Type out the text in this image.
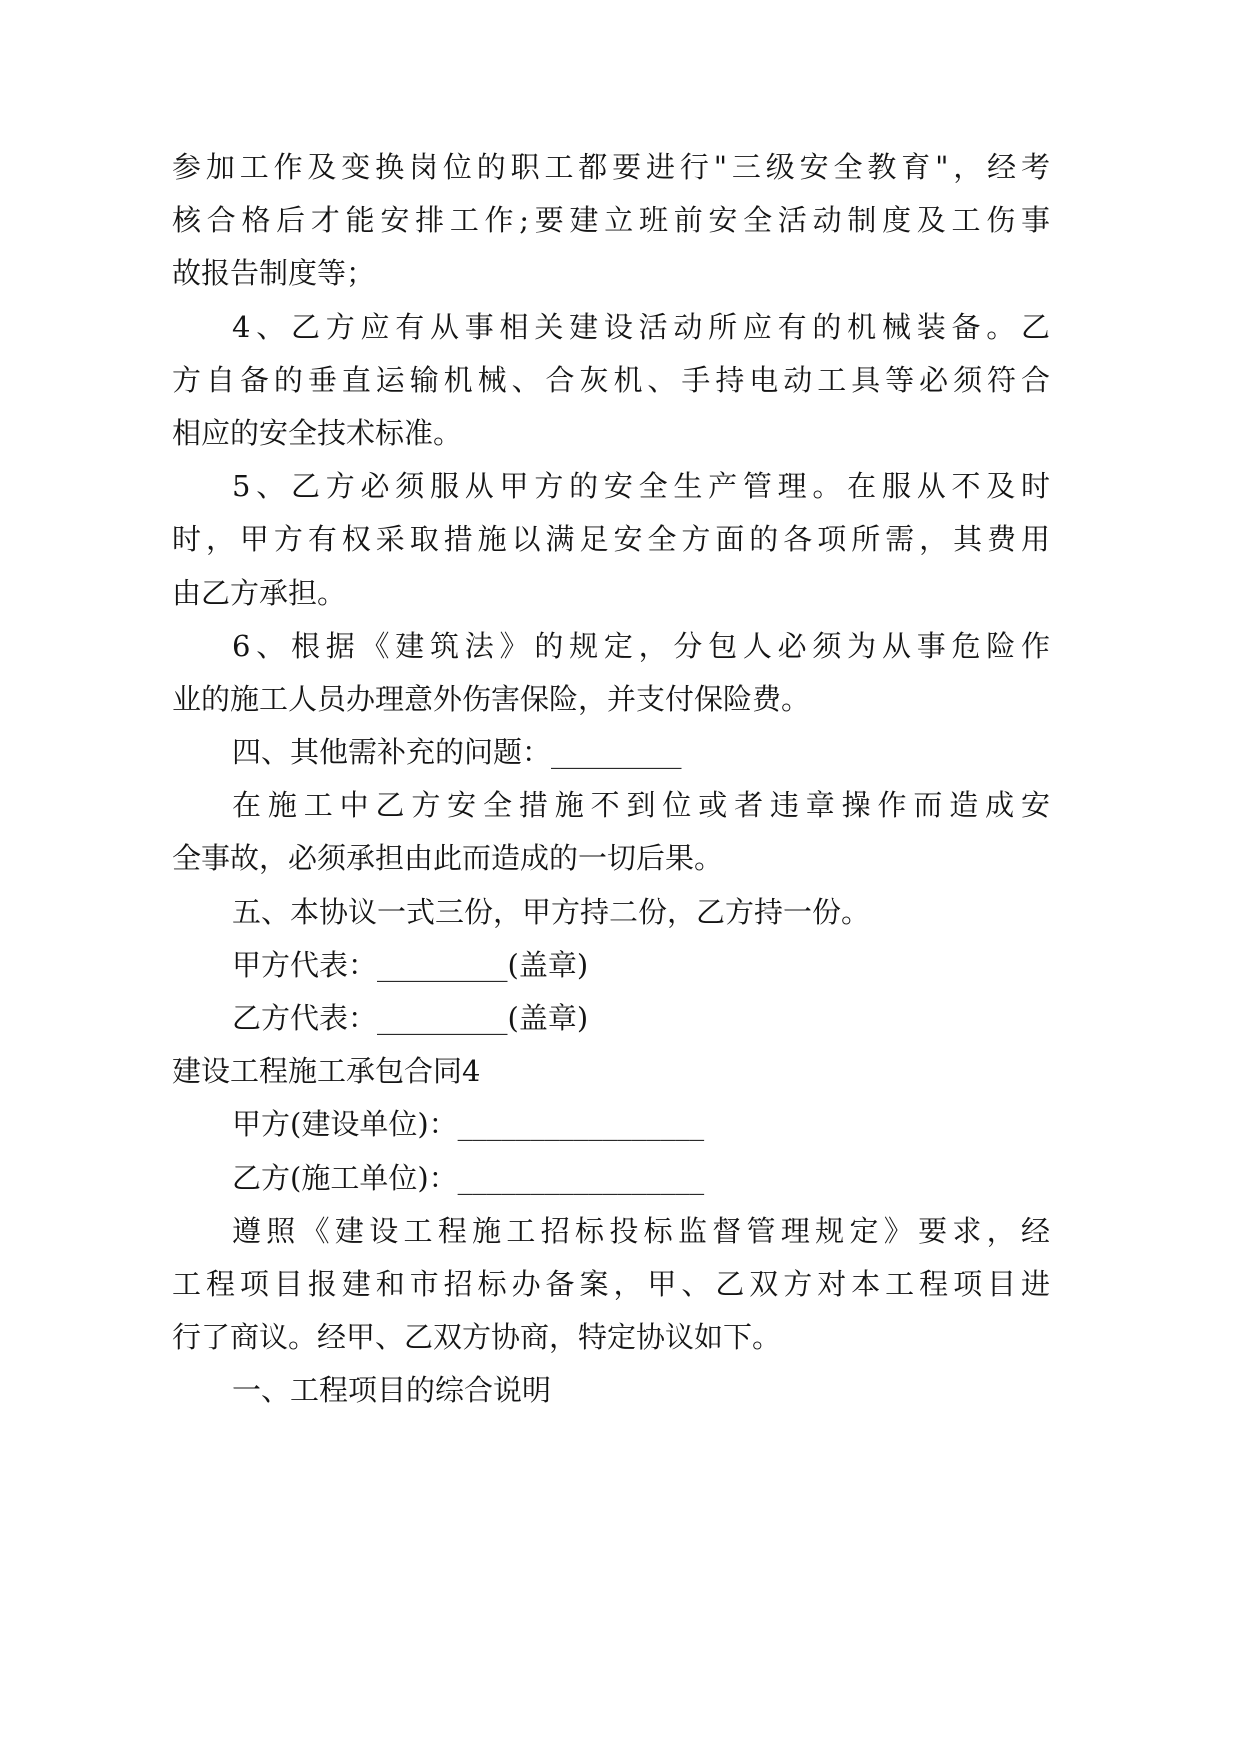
参加工作及变换岗位的职工都要进行"三级安全教育"，经考
核合格后才能安排工作;要建立班前安全活动制度及工伤事
故报告制度等；
4、乙方应有从事相关建设活动所应有的机械装备。乙
方自备的垂直运输机械、合灰机、手持电动工具等必须符合
相应的安全技术标准。
5、乙方必须服从甲方的安全生产管理。在服从不及时
时，甲方有权采取措施以满足安全方面的各项所需，其费用
由乙方承担。
6、根据《建筑法》的规定，分包人必须为从事危险作
业的施工人员办理意外伤害保险，并支付保险费。
四、其他需补充的问题：_________
在施工中乙方安全措施不到位或者违章操作而造成安
全事故，必须承担由此而造成的一切后果。
五、本协议一式三份，甲方持二份，乙方持一份。
甲方代表：_________(盖章)
乙方代表：_________(盖章)
建设工程施工承包合同4
甲方(建设单位)：_________________
乙方(施工单位)：_________________
遵照《建设工程施工招标投标监督管理规定》要求，经
工程项目报建和市招标办备案，甲、乙双方对本工程项目进
行了商议。经甲、乙双方协商，特定协议如下。
一、工程项目的综合说明
